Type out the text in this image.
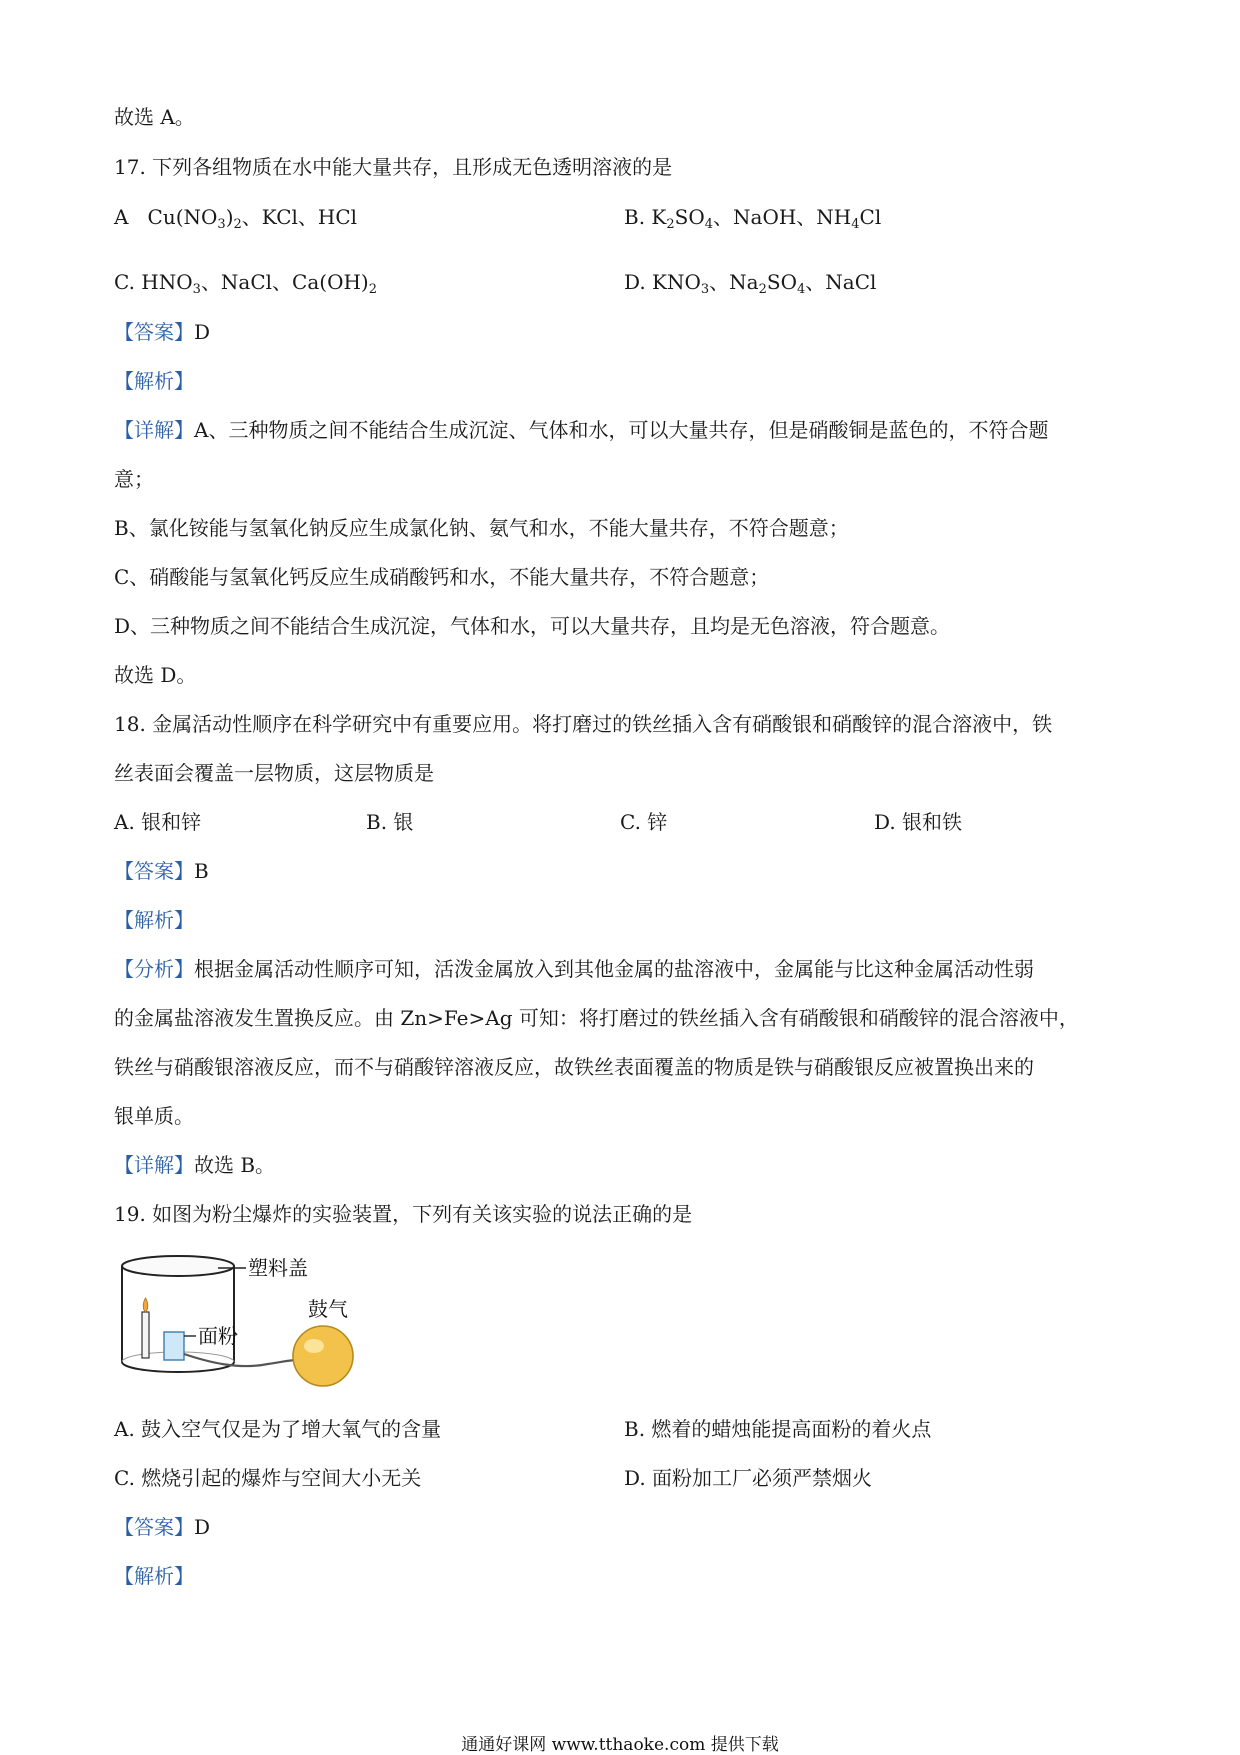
故选 A。
17. 下列各组物质在水中能大量共存，且形成无色透明溶液的是
A $Cu(NO_3)_2$、KCl、HCl	B. $K_2SO_4$、NaOH、$NH_4Cl$
C. $HNO_3$、NaCl、$Ca(OH)_2$	D. $KNO_3$、$Na_2SO_4$、NaCl
【答案】D
【解析】
【详解】A、三种物质之间不能结合生成沉淀、气体和水，可以大量共存，但是硝酸铜是蓝色的，不符合题
意；
B、氯化铵能与氢氧化钠反应生成氯化钠、氨气和水，不能大量共存，不符合题意；
C、硝酸能与氢氧化钙反应生成硝酸钙和水，不能大量共存，不符合题意；
D、三种物质之间不能结合生成沉淀，气体和水，可以大量共存，且均是无色溶液，符合题意。
故选 D。
18. 金属活动性顺序在科学研究中有重要应用。将打磨过的铁丝插入含有硝酸银和硝酸锌的混合溶液中，铁
丝表面会覆盖一层物质，这层物质是
A. 银和锌	B. 银	C. 锌	D. 银和铁
【答案】B
【解析】
【分析】根据金属活动性顺序可知，活泼金属放入到其他金属的盐溶液中，金属能与比这种金属活动性弱
的金属盐溶液发生置换反应。由 Zn>Fe>Ag 可知：将打磨过的铁丝插入含有硝酸银和硝酸锌的混合溶液中，
铁丝与硝酸银溶液反应，而不与硝酸锌溶液反应，故铁丝表面覆盖的物质是铁与硝酸银反应被置换出来的
银单质。
【详解】故选 B。
19. 如图为粉尘爆炸的实验装置，下列有关该实验的说法正确的是
塑料盖
面粉
鼓气
A. 鼓入空气仅是为了增大氧气的含量	B. 燃着的蜡烛能提高面粉的着火点
C. 燃烧引起的爆炸与空间大小无关	D. 面粉加工厂必须严禁烟火
【答案】D
【解析】
通通好课网 www.tthaoke.com 提供下载
